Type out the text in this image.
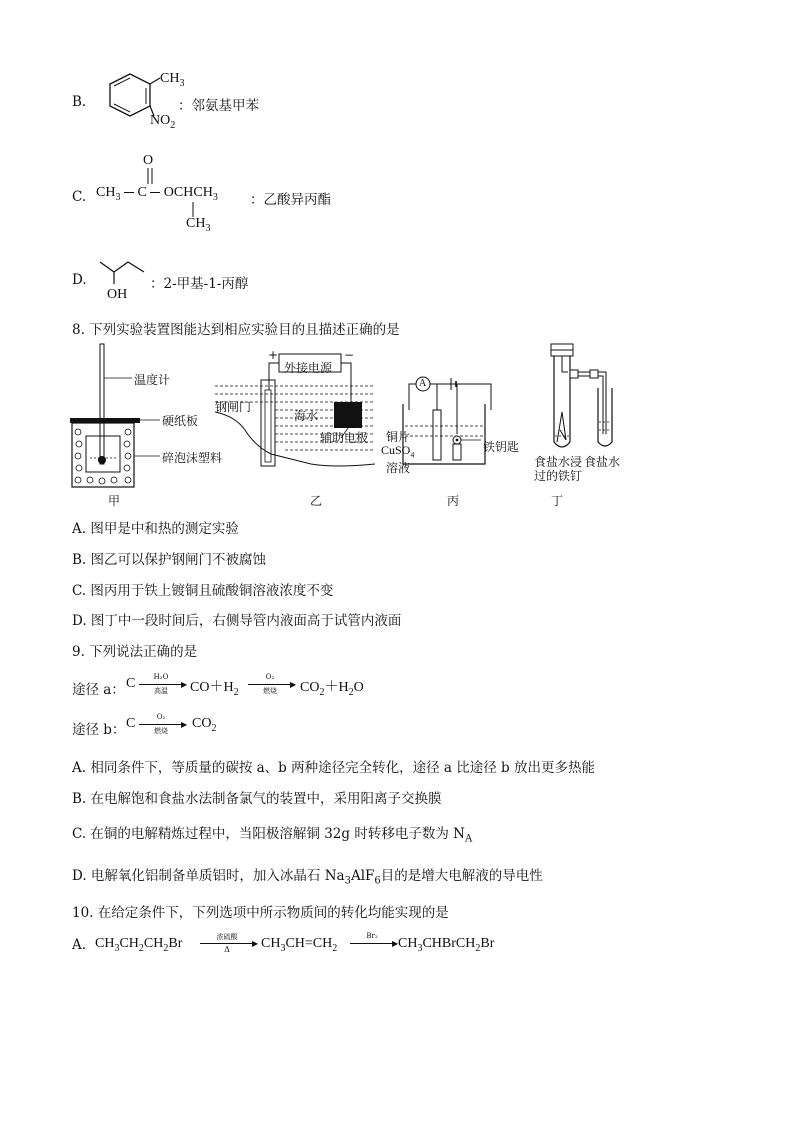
B.
$CH_3$
$NO_2$
：邻氨基甲苯
C.
O
$CH_3$ C $OCHCH_3$
$CH_3$
：乙酸异丙酯
D.
OH
：2-甲基-1-丙醇
8. 下列实验装置图能达到相应实验目的且描述正确的是
温度计
硬纸板
碎泡沫塑料
甲
+	−
外接电源
钢闸门
海水
辅助电极
乙
A
铜片
CuSO$_4$
溶液
铁钥匙
丙
食盐水浸
过的铁钉
食盐水
丁
A. 图甲是中和热的测定实验
B. 图乙可以保护钢闸门不被腐蚀
C. 图丙用于铁上镀铜且硫酸铜溶液浓度不变
D. 图丁中一段时间后，右侧导管内液面高于试管内液面
9. 下列说法正确的是
途径 a： C	H₂O
▶
高温	$CO+H_2$
O₂
▶
燃烧	$CO_2+H_2O$
途径 b： C	O₂
▶
燃烧	$CO_2$
A. 相同条件下，等质量的碳按 a、b 两种途径完全转化，途径 a 比途径 b 放出更多热能
B. 在电解饱和食盐水法制备氯气的装置中，采用阳离子交换膜
C. 在铜的电解精炼过程中，当阳极溶解铜 32g 时转移电子数为 $N_A$
D. 电解氧化铝制备单质铝时，加入冰晶石 $Na_3AlF_6$目的是增大电解液的导电性
10. 在给定条件下，下列选项中所示物质间的转化均能实现的是
A. $CH_3CH_2CH_2Br$	浓硫酸
▶
Δ	$CH_3CH=CH_2$
Br₂
▶ $CH_3CHBrCH_2Br$
